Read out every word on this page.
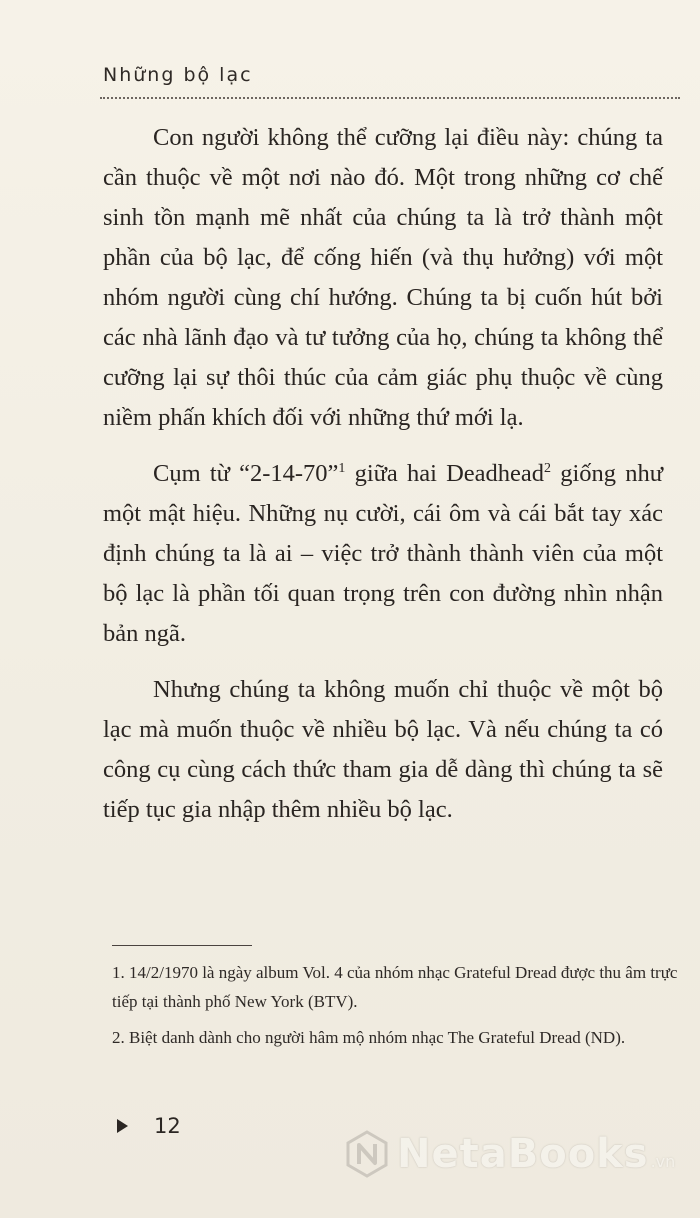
Những bộ lạc

Con người không thể cưỡng lại điều này: chúng ta cần thuộc về một nơi nào đó. Một trong những cơ chế sinh tồn mạnh mẽ nhất của chúng ta là trở thành một phần của bộ lạc, để cống hiến (và thụ hưởng) với một nhóm người cùng chí hướng. Chúng ta bị cuốn hút bởi các nhà lãnh đạo và tư tưởng của họ, chúng ta không thể cưỡng lại sự thôi thúc của cảm giác phụ thuộc về cùng niềm phấn khích đối với những thứ mới lạ.

Cụm từ “2-14-70”$^1$ giữa hai Deadhead$^2$ giống như một mật hiệu. Những nụ cười, cái ôm và cái bắt tay xác định chúng ta là ai – việc trở thành thành viên của một bộ lạc là phần tối quan trọng trên con đường nhìn nhận bản ngã.

Nhưng chúng ta không muốn chỉ thuộc về một bộ lạc mà muốn thuộc về nhiều bộ lạc. Và nếu chúng ta có công cụ cùng cách thức tham gia dễ dàng thì chúng ta sẽ tiếp tục gia nhập thêm nhiều bộ lạc.

1. 14/2/1970 là ngày album Vol. 4 của nhóm nhạc Grateful Dread được thu âm trực tiếp tại thành phố New York (BTV).

2. Biệt danh dành cho người hâm mộ nhóm nhạc The Grateful Dread (ND).

12
NetaBooks .vn
